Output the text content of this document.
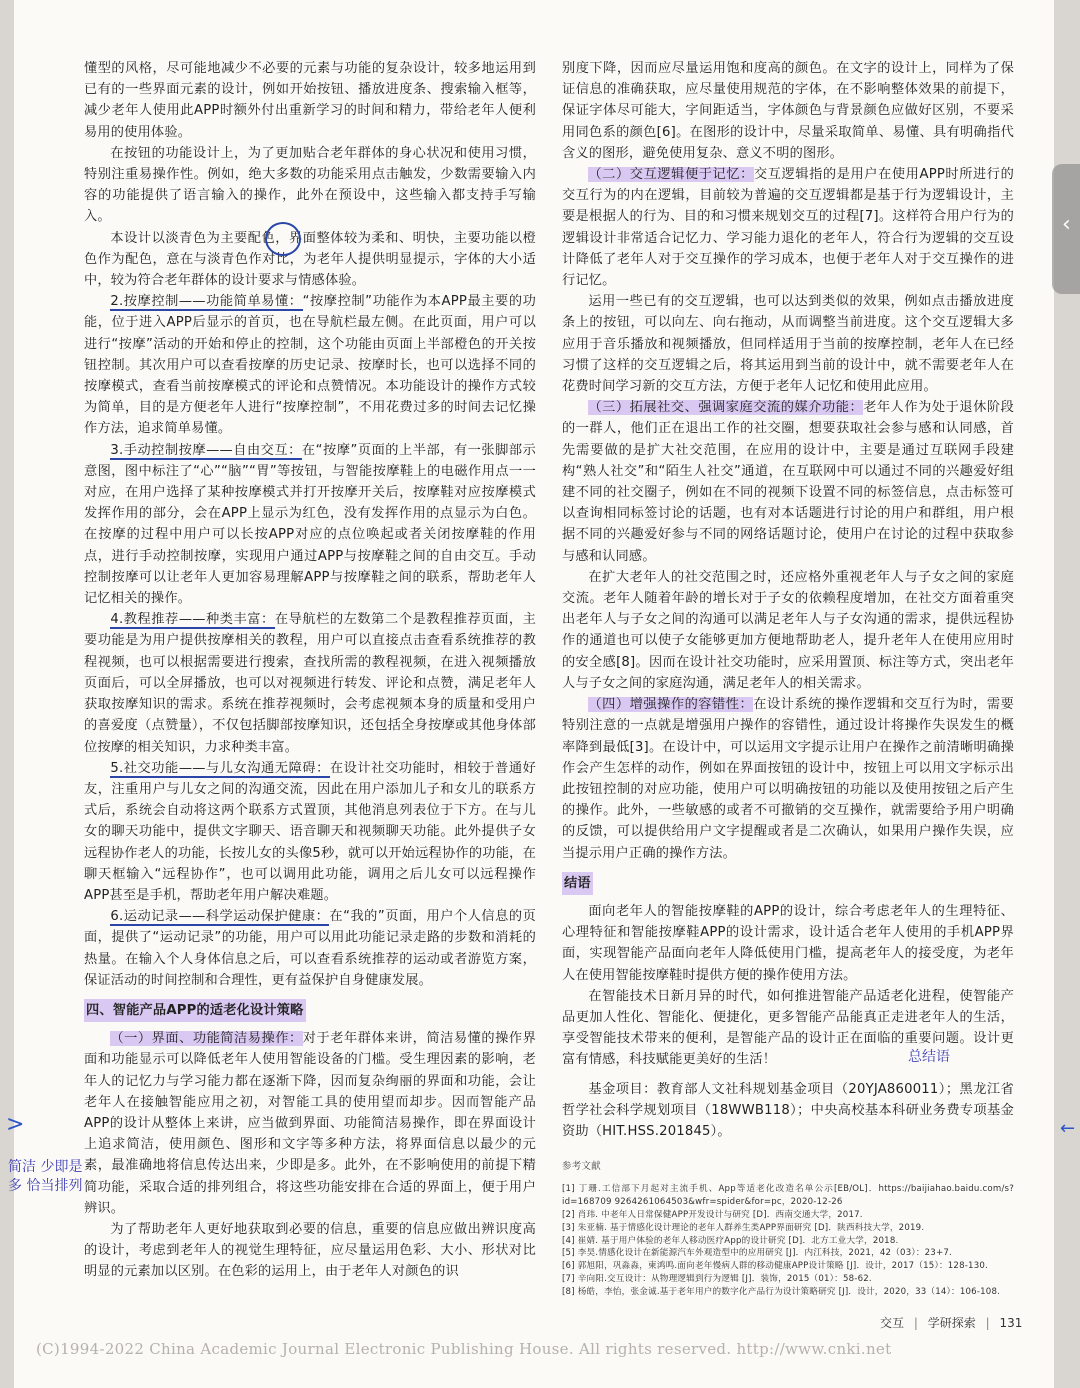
懂型的风格，尽可能地减少不必要的元素与功能的复杂设计，较多地运用到已有的一些界面元素的设计，例如开始按钮、播放进度条、搜索输入框等，减少老年人使用此APP时额外付出重新学习的时间和精力，带给老年人便利易用的使用体验。

在按钮的功能设计上，为了更加贴合老年群体的身心状况和使用习惯，特别注重易操作性。例如，绝大多数的功能采用点击触发，少数需要输入内容的功能提供了语言输入的操作，此外在预设中，这些输入都支持手写输入。

本设计以淡青色为主要配色，界面整体较为柔和、明快，主要功能以橙色作为配色，意在与淡青色作对比，为老年人提供明显提示，字体的大小适中，较为符合老年群体的设计要求与情感体验。

2.按摩控制——功能简单易懂：“按摩控制”功能作为本APP最主要的功能，位于进入APP后显示的首页，也在导航栏最左侧。在此页面，用户可以进行“按摩”活动的开始和停止的控制，这个功能由页面上半部橙色的开关按钮控制。其次用户可以查看按摩的历史记录、按摩时长，也可以选择不同的按摩模式，查看当前按摩模式的评论和点赞情况。本功能设计的操作方式较为简单，目的是方便老年人进行“按摩控制”，不用花费过多的时间去记忆操作方法，追求简单易懂。

3.手动控制按摩——自由交互：在“按摩”页面的上半部，有一张脚部示意图，图中标注了“心”“脑”“胃”等按钮，与智能按摩鞋上的电磁作用点一一对应，在用户选择了某种按摩模式并打开按摩开关后，按摩鞋对应按摩模式发挥作用的部分，会在APP上显示为红色，没有发挥作用的点显示为白色。在按摩的过程中用户可以长按APP对应的点位唤起或者关闭按摩鞋的作用点，进行手动控制按摩，实现用户通过APP与按摩鞋之间的自由交互。手动控制按摩可以让老年人更加容易理解APP与按摩鞋之间的联系，帮助老年人记忆相关的操作。

4.教程推荐——种类丰富：在导航栏的左数第二个是教程推荐页面，主要功能是为用户提供按摩相关的教程，用户可以直接点击查看系统推荐的教程视频，也可以根据需要进行搜索，查找所需的教程视频，在进入视频播放页面后，可以全屏播放，也可以对视频进行转发、评论和点赞，满足老年人获取按摩知识的需求。系统在推荐视频时，会考虑视频本身的质量和受用户的喜爱度（点赞量），不仅包括脚部按摩知识，还包括全身按摩或其他身体部位按摩的相关知识，力求种类丰富。

5.社交功能——与儿女沟通无障碍：在设计社交功能时，相较于普通好友，注重用户与儿女之间的沟通交流，因此在用户添加儿子和女儿的联系方式后，系统会自动将这两个联系方式置顶，其他消息列表位于下方。在与儿女的聊天功能中，提供文字聊天、语音聊天和视频聊天功能。此外提供子女远程协作老人的功能，长按儿女的头像5秒，就可以开始远程协作的功能，在聊天框输入“远程协作”，也可以调用此功能，调用之后儿女可以远程操作APP甚至是手机，帮助老年用户解决难题。

6.运动记录——科学运动保护健康：在“我的”页面，用户个人信息的页面，提供了“运动记录”的功能，用户可以用此功能记录走路的步数和消耗的热量。在输入个人身体信息之后，可以查看系统推荐的运动或者游览方案，保证活动的时间控制和合理性，更有益保护自身健康发展。

四、智能产品APP的适老化设计策略

（一）界面、功能简洁易操作：对于老年群体来讲，简洁易懂的操作界面和功能显示可以降低老年人使用智能设备的门槛。受生理因素的影响，老年人的记忆力与学习能力都在逐渐下降，因而复杂绚丽的界面和功能，会让老年人在接触智能应用之初，对智能工具的使用望而却步。因而智能产品APP的设计从整体上来讲，应当做到界面、功能简洁易操作，即在界面设计上追求简洁，使用颜色、图形和文字等多种方法，将界面信息以最少的元素，最准确地将信息传达出来，少即是多。此外，在不影响使用的前提下精简功能，采取合适的排列组合，将这些功能安排在合适的界面上，便于用户辨识。

为了帮助老年人更好地获取到必要的信息，重要的信息应做出辨识度高的设计，考虑到老年人的视觉生理特征，应尽量运用色彩、大小、形状对比明显的元素加以区别。在色彩的运用上，由于老年人对颜色的识

别度下降，因而应尽量运用饱和度高的颜色。在文字的设计上，同样为了保证信息的准确获取，应尽量使用规范的字体，在不影响整体效果的前提下，保证字体尽可能大，字间距适当，字体颜色与背景颜色应做好区别，不要采用同色系的颜色[6]。在图形的设计中，尽量采取简单、易懂、具有明确指代含义的图形，避免使用复杂、意义不明的图形。

（二）交互逻辑便于记忆：交互逻辑指的是用户在使用APP时所进行的交互行为的内在逻辑，目前较为普遍的交互逻辑都是基于行为逻辑设计，主要是根据人的行为、目的和习惯来规划交互的过程[7]。这样符合用户行为的逻辑设计非常适合记忆力、学习能力退化的老年人，符合行为逻辑的交互设计降低了老年人对于交互操作的学习成本，也便于老年人对于交互操作的进行记忆。

运用一些已有的交互逻辑，也可以达到类似的效果，例如点击播放进度条上的按钮，可以向左、向右拖动，从而调整当前进度。这个交互逻辑大多应用于音乐播放和视频播放，但同样适用于当前的按摩控制，老年人在已经习惯了这样的交互逻辑之后，将其运用到当前的设计中，就不需要老年人在花费时间学习新的交互方法，方便于老年人记忆和使用此应用。

（三）拓展社交、强调家庭交流的媒介功能：老年人作为处于退休阶段的一群人，他们正在退出工作的社交圈，想要获取社会参与感和认同感，首先需要做的是扩大社交范围，在应用的设计中，主要是通过互联网手段建构“熟人社交”和“陌生人社交”通道，在互联网中可以通过不同的兴趣爱好组建不同的社交圈子，例如在不同的视频下设置不同的标签信息，点击标签可以查询相同标签讨论的话题，也有对本话题进行讨论的用户和群组，用户根据不同的兴趣爱好参与不同的网络话题讨论，使用户在讨论的过程中获取参与感和认同感。

在扩大老年人的社交范围之时，还应格外重视老年人与子女之间的家庭交流。老年人随着年龄的增长对于子女的依赖程度增加，在社交方面着重突出老年人与子女之间的沟通可以满足老年人与子女沟通的需求，提供远程协作的通道也可以使子女能够更加方便地帮助老人，提升老年人在使用应用时的安全感[8]。因而在设计社交功能时，应采用置顶、标注等方式，突出老年人与子女之间的家庭沟通，满足老年人的相关需求。

（四）增强操作的容错性：在设计系统的操作逻辑和交互行为时，需要特别注意的一点就是增强用户操作的容错性，通过设计将操作失误发生的概率降到最低[3]。在设计中，可以运用文字提示让用户在操作之前清晰明确操作会产生怎样的动作，例如在界面按钮的设计中，按钮上可以用文字标示出此按钮控制的对应功能，使用户可以明确按钮的功能以及使用按钮之后产生的操作。此外，一些敏感的或者不可撤销的交互操作，就需要给予用户明确的反馈，可以提供给用户文字提醒或者是二次确认，如果用户操作失误，应当提示用户正确的操作方法。

结语

面向老年人的智能按摩鞋的APP的设计，综合考虑老年人的生理特征、心理特征和智能按摩鞋APP的设计需求，设计适合老年人使用的手机APP界面，实现智能产品面向老年人降低使用门槛，提高老年人的接受度，为老年人在使用智能按摩鞋时提供方便的操作使用方法。

在智能技术日新月异的时代，如何推进智能产品适老化进程，使智能产品更加人性化、智能化、便捷化，更多智能产品能真正走进老年人的生活，享受智能技术带来的便利，是智能产品的设计正在面临的重要问题。设计更富有情感，科技赋能更美好的生活！

基金项目：教育部人文社科规划基金项目（20YJA860011）；黑龙江省哲学社会科学规划项目（18WWB118）；中央高校基本科研业务费专项基金资助（HIT.HSS.201845）。

参考文献
[1] 丁珊.工信部下月起对主流手机、App等适老化改造名单公示[EB/OL]．https://baijiahao.baidu.com/s?id=168709 9264261064503&wfr=spider&for=pc，2020-12-26
[2] 肖玮. 中老年人日常保健APP开发设计与研究 [D]．西南交通大学，2017.
[3] 朱亚楠. 基于情感化设计理论的老年人群养生类APP界面研究 [D]．陕西科技大学，2019.
[4] 崔婧. 基于用户体验的老年人移动医疗App的设计研究 [D]．北方工业大学，2018.
[5] 李昊.情感化设计在新能源汽车外观造型中的应用研究 [J]．内江科技，2021，42（03）：23+7.
[6] 郭旭阳，巩淼淼，柬鸿鸣.面向老年慢病人群的移动健康APP设计策略 [J]．设计，2017（15）：128-130.
[7] 辛向阳.交互设计：从物理逻辑到行为逻辑 [J]．装饰，2015（01）：58-62.
[8] 杨皓，李怡，张金诚.基于老年用户的数字化产品行为设计策略研究 [J]．设计，2020，33（14）：106-108.
交互 | 学研探索 | 131
简洁 少即是多 恰当排列
总结语
(C)1994-2022 China Academic Journal Electronic Publishing House. All rights reserved. http://www.cnki.net
‹
>	←
